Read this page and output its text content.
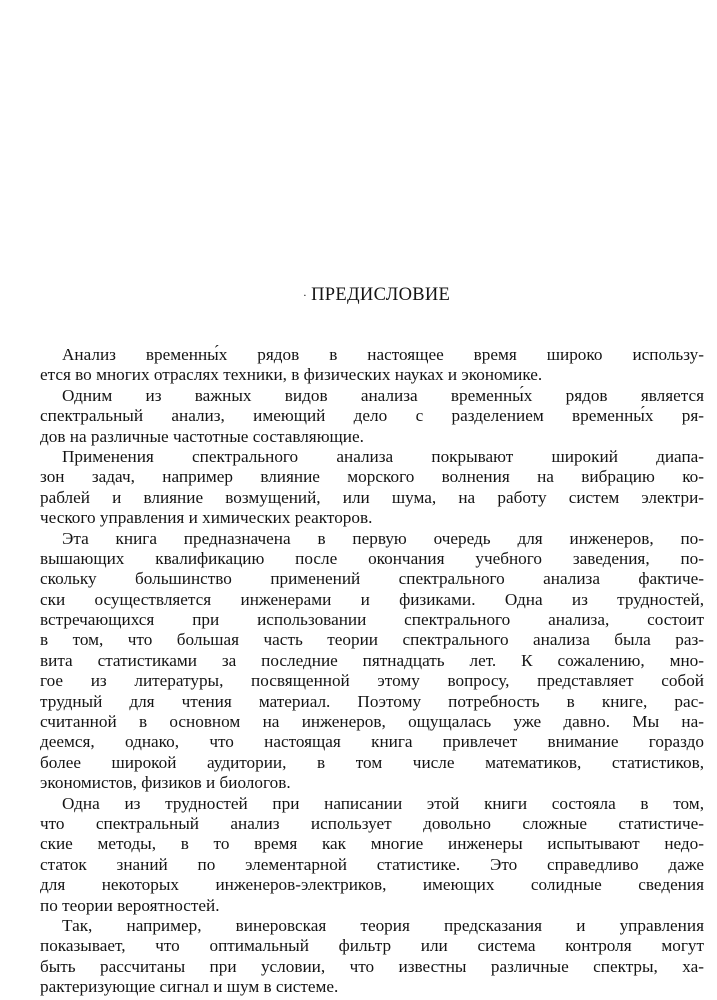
· ПРЕДИСЛОВИЕ
Анализ временны́х рядов в настоящее время широко использу-
ется во многих отраслях техники, в физических науках и экономике.
Одним из важных видов анализа временны́х рядов является
спектральный анализ, имеющий дело с разделением временны́х ря-
дов на различные частотные составляющие.
Применения спектрального анализа покрывают широкий диапа-
зон задач, например влияние морского волнения на вибрацию ко-
раблей и влияние возмущений, или шума, на работу систем электри-
ческого управления и химических реакторов.
Эта книга предназначена в первую очередь для инженеров, по-
вышающих квалификацию после окончания учебного заведения, по-
скольку большинство применений спектрального анализа фактиче-
ски осуществляется инженерами и физиками. Одна из трудностей,
встречающихся при использовании спектрального анализа, состоит
в том, что большая часть теории спектрального анализа была раз-
вита статистиками за последние пятнадцать лет. К сожалению, мно-
гое из литературы, посвященной этому вопросу, представляет собой
трудный для чтения материал. Поэтому потребность в книге, рас-
считанной в основном на инженеров, ощущалась уже давно. Мы на-
деемся, однако, что настоящая книга привлечет внимание гораздо
более широкой аудитории, в том числе математиков, статистиков,
экономистов, физиков и биологов.
Одна из трудностей при написании этой книги состояла в том,
что спектральный анализ использует довольно сложные статистиче-
ские методы, в то время как многие инженеры испытывают недо-
статок знаний по элементарной статистике. Это справедливо даже
для некоторых инженеров-электриков, имеющих солидные сведения
по теории вероятностей.
Так, например, винеровская теория предсказания и управления
показывает, что оптимальный фильтр или система контроля могут
быть рассчитаны при условии, что известны различные спектры, ха-
рактеризующие сигнал и шум в системе.
